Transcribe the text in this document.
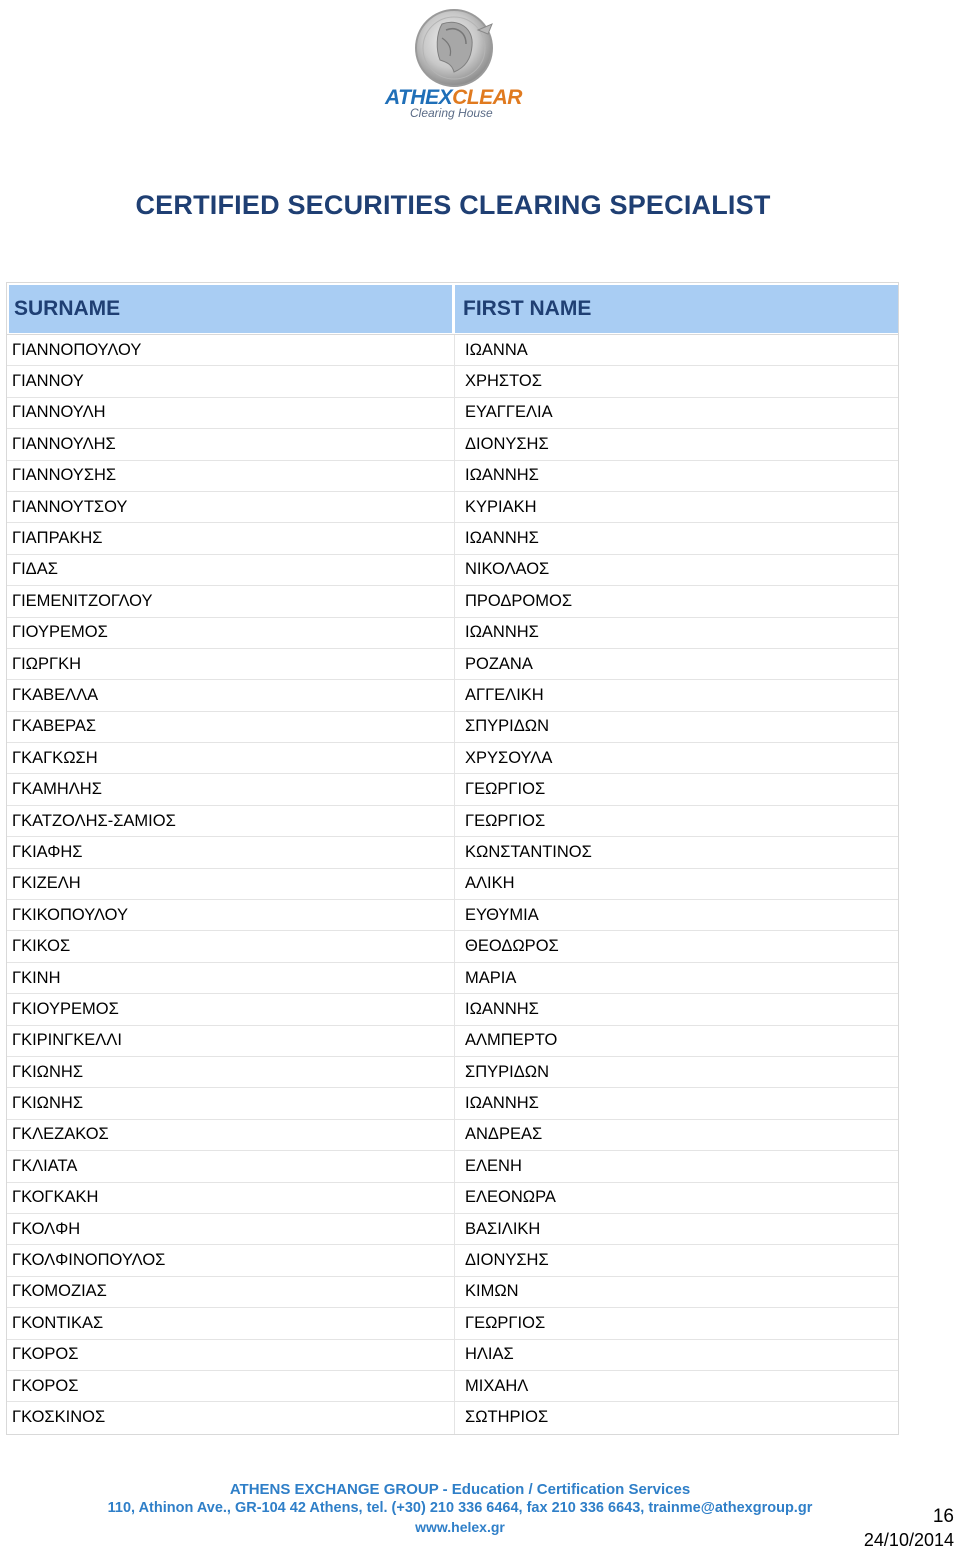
ATHEXCLEAR
Clearing House
CERTIFIED SECURITIES CLEARING SPECIALIST
SURNAME	FIRST NAME
ΓΙΑΝΝΟΠΟΥΛΟΥ	ΙΩΑΝΝΑ
ΓΙΑΝΝΟΥ	ΧΡΗΣΤΟΣ
ΓΙΑΝΝΟΥΛΗ	ΕΥΑΓΓΕΛΙΑ
ΓΙΑΝΝΟΥΛΗΣ	ΔΙΟΝΥΣΗΣ
ΓΙΑΝΝΟΥΣΗΣ	ΙΩΑΝΝΗΣ
ΓΙΑΝΝΟΥΤΣΟΥ	ΚΥΡΙΑΚΗ
ΓΙΑΠΡΑΚΗΣ	ΙΩΑΝΝΗΣ
ΓΙΔΑΣ	ΝΙΚΟΛΑΟΣ
ΓΙΕΜΕΝΙΤΖΟΓΛΟΥ	ΠΡΟΔΡΟΜΟΣ
ΓΙΟΥΡΕΜΟΣ	ΙΩΑΝΝΗΣ
ΓΙΩΡΓΚΗ	ΡΟΖΑΝΑ
ΓΚΑΒΕΛΛΑ	ΑΓΓΕΛΙΚΗ
ΓΚΑΒΕΡΑΣ	ΣΠΥΡΙΔΩΝ
ΓΚΑΓΚΩΣΗ	ΧΡΥΣΟΥΛΑ
ΓΚΑΜΗΛΗΣ	ΓΕΩΡΓΙΟΣ
ΓΚΑΤΖΟΛΗΣ-ΣΑΜΙΟΣ	ΓΕΩΡΓΙΟΣ
ΓΚΙΑΦΗΣ	ΚΩΝΣΤΑΝΤΙΝΟΣ
ΓΚΙΖΕΛΗ	ΑΛΙΚΗ
ΓΚΙΚΟΠΟΥΛΟΥ	ΕΥΘΥΜΙΑ
ΓΚΙΚΟΣ	ΘΕΟΔΩΡΟΣ
ΓΚΙΝΗ	ΜΑΡΙΑ
ΓΚΙΟΥΡΕΜΟΣ	ΙΩΑΝΝΗΣ
ΓΚΙΡΙΝΓΚΕΛΛΙ	ΑΛΜΠΕΡΤΟ
ΓΚΙΩΝΗΣ	ΣΠΥΡΙΔΩΝ
ΓΚΙΩΝΗΣ	ΙΩΑΝΝΗΣ
ΓΚΛΕΖΑΚΟΣ	ΑΝΔΡΕΑΣ
ΓΚΛΙΑΤΑ	ΕΛΕΝΗ
ΓΚΟΓΚΑΚΗ	ΕΛΕΟΝΩΡΑ
ΓΚΟΛΦΗ	ΒΑΣΙΛΙΚΗ
ΓΚΟΛΦΙΝΟΠΟΥΛΟΣ	ΔΙΟΝΥΣΗΣ
ΓΚΟΜΟΖΙΑΣ	ΚΙΜΩΝ
ΓΚΟΝΤΙΚΑΣ	ΓΕΩΡΓΙΟΣ
ΓΚΟΡΟΣ	ΗΛΙΑΣ
ΓΚΟΡΟΣ	ΜΙΧΑΗΛ
ΓΚΟΣΚΙΝΟΣ	ΣΩΤΗΡΙΟΣ
ATHENS EXCHANGE GROUP - Education / Certification Services
110, Athinon Ave., GR-104 42 Athens, tel. (+30) 210 336 6464, fax 210 336 6643, trainme@athexgroup.gr
www.helex.gr	16
24/10/2014
